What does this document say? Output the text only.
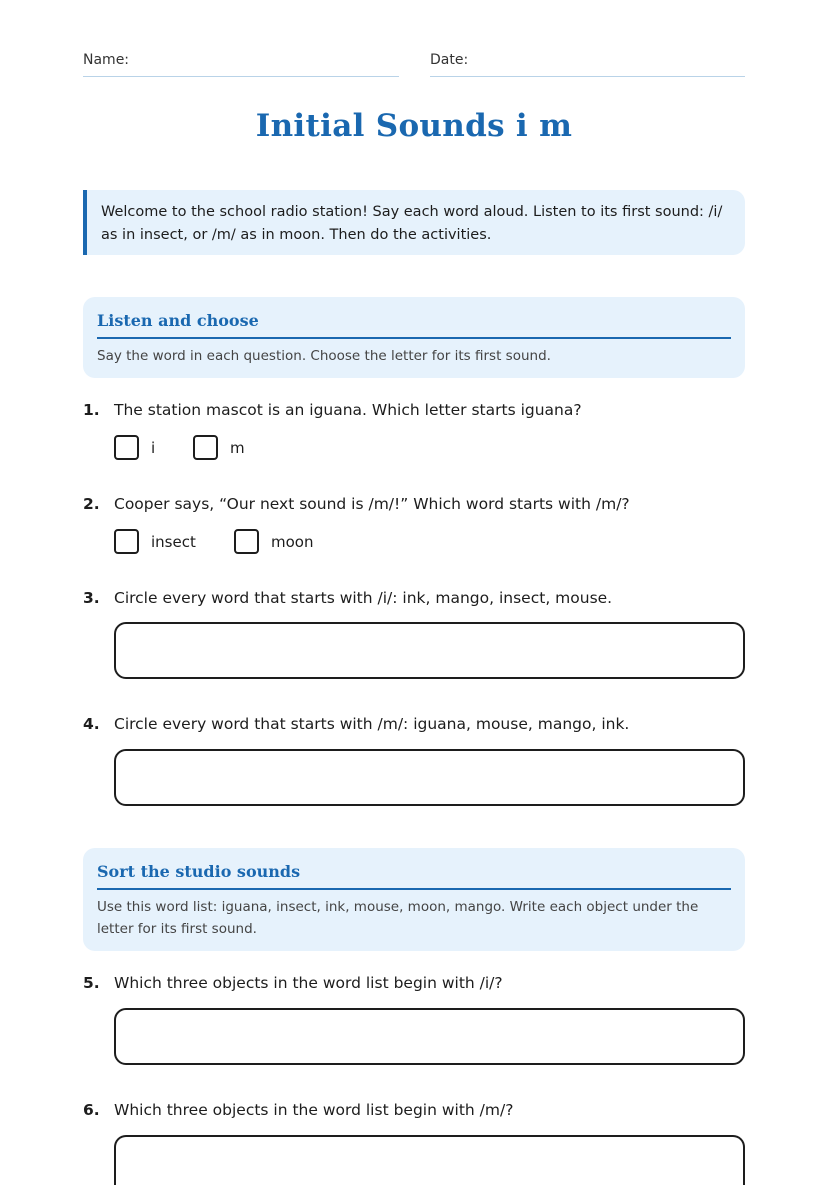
Name:	Date:
Initial Sounds i m
Welcome to the school radio station! Say each word aloud. Listen to its first sound: /i/ as in insect, or /m/ as in moon. Then do the activities.
Listen and choose

Say the word in each question. Choose the letter for its first sound.

1. The station mascot is an iguana. Which letter starts iguana?
i	m
2. Cooper says, “Our next sound is /m/!” Which word starts with /m/?
insect	moon
3. Circle every word that starts with /i/: ink, mango, insect, mouse.
4. Circle every word that starts with /m/: iguana, mouse, mango, ink.
Sort the studio sounds

Use this word list: iguana, insect, ink, mouse, moon, mango. Write each object under the letter for its first sound.

5. Which three objects in the word list begin with /i/?
6. Which three objects in the word list begin with /m/?
